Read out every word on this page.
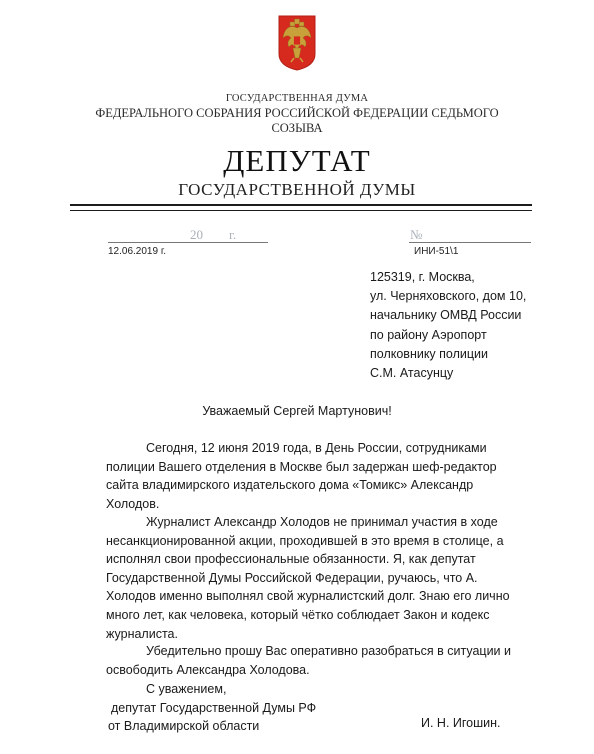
ГОСУДАРСТВЕННАЯ ДУМА
ФЕДЕРАЛЬНОГО СОБРАНИЯ РОССИЙСКОЙ ФЕДЕРАЦИИ СЕДЬМОГО
СОЗЫВА
ДЕПУТАТ
ГОСУДАРСТВЕННОЙ ДУМЫ
20 г.	№
12.06.2019 г.	ИНИ-51\1
125319, г. Москва,
ул. Черняховского, дом 10,
начальнику ОМВД России
по району Аэропорт
полковнику полиции
С.М. Атасунцу
Уважаемый Сергей Мартунович!
Сегодня, 12 июня 2019 года, в День России, сотрудниками
полиции Вашего отделения в Москве был задержан шеф-редактор
сайта владимирского издательского дома «Томикс» Александр
Холодов.
Журналист Александр Холодов не принимал участия в ходе
несанкционированной акции, проходившей в это время в столице, а
исполнял свои профессиональные обязанности. Я, как депутат
Государственной Думы Российской Федерации, ручаюсь, что А.
Холодов именно выполнял свой журналистский долг. Знаю его лично
много лет, как человека, который чётко соблюдает Закон и кодекс
журналиста.
Убедительно прошу Вас оперативно разобраться в ситуации и
освободить Александра Холодова.
С уважением,
депутат Государственной Думы РФ
от Владимирской области	И. Н. Игошин.
